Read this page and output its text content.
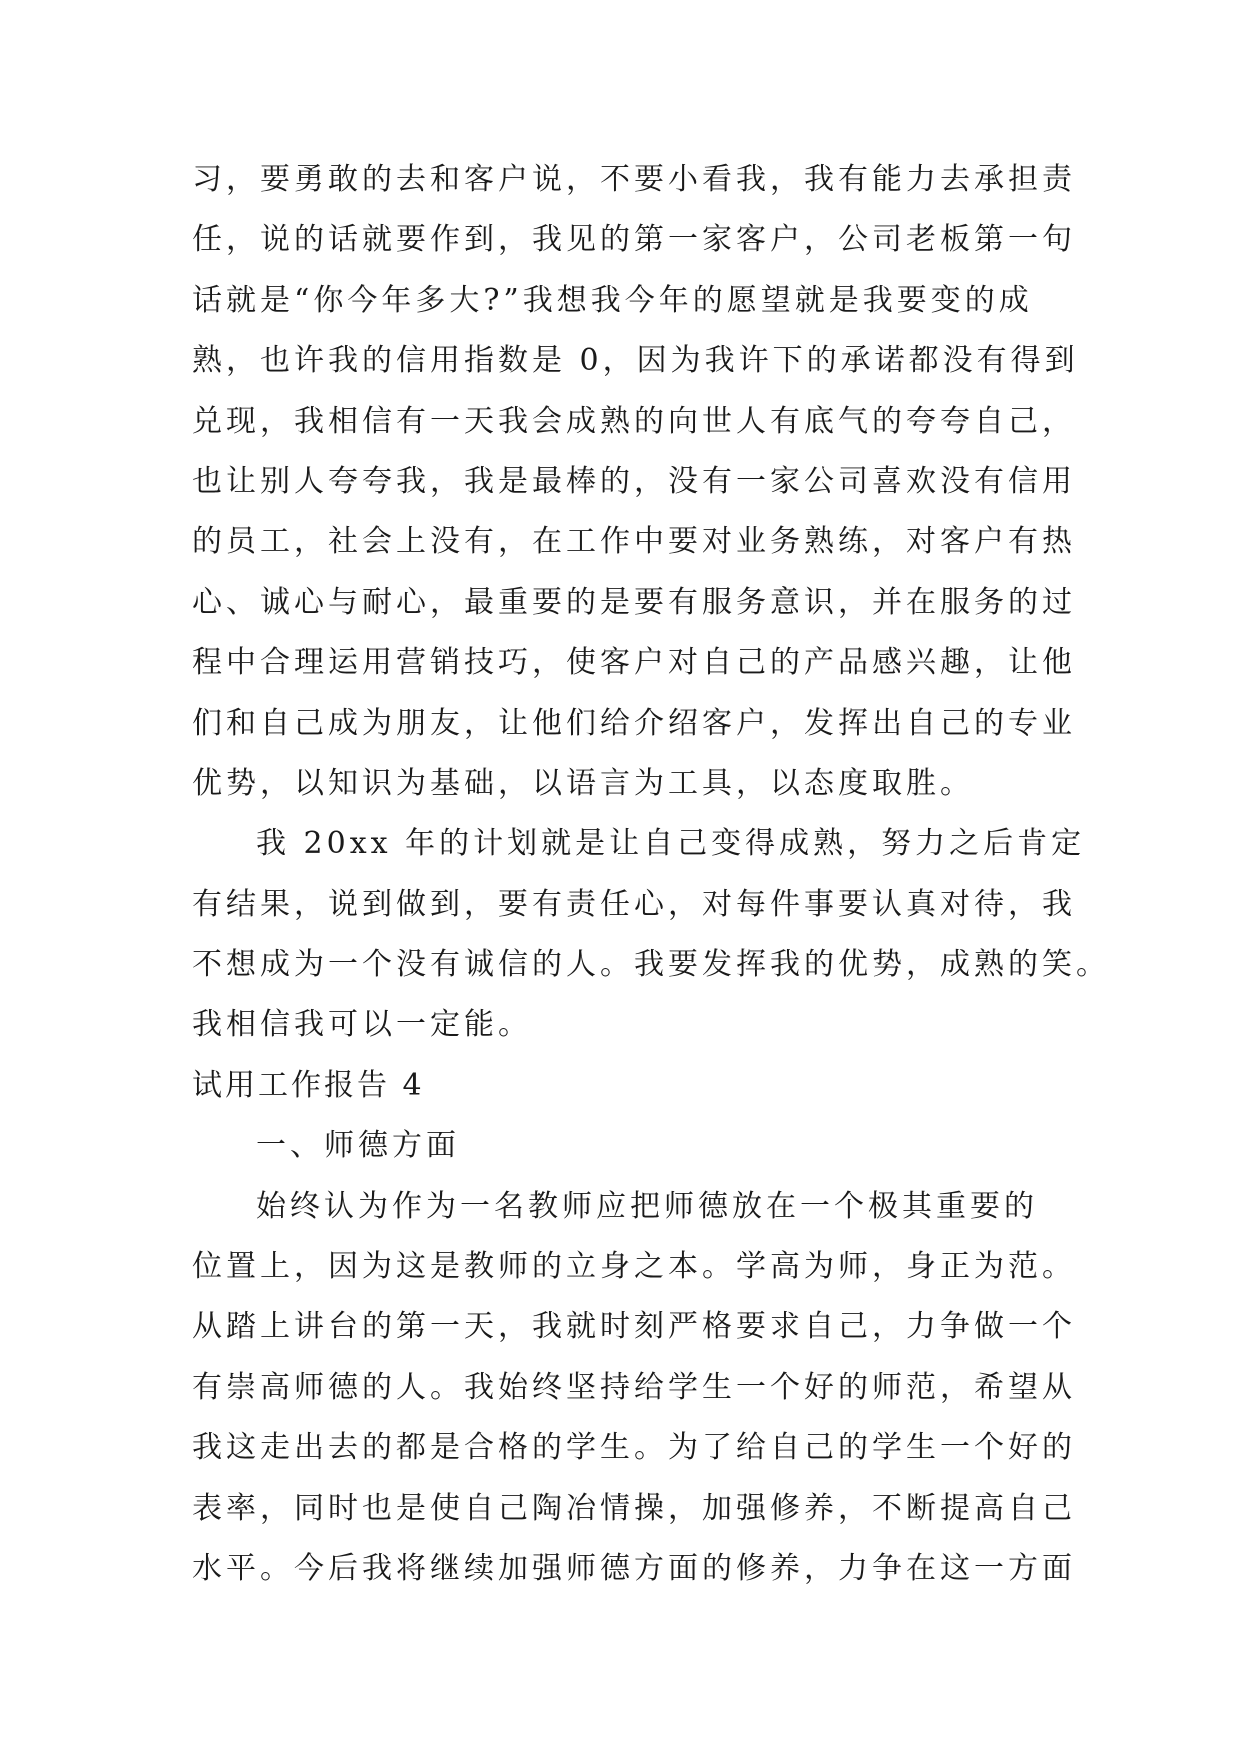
习，要勇敢的去和客户说，不要小看我，我有能力去承担责
任，说的话就要作到，我见的第一家客户，公司老板第一句
话就是“你今年多大?”我想我今年的愿望就是我要变的成
熟，也许我的信用指数是 0，因为我许下的承诺都没有得到
兑现，我相信有一天我会成熟的向世人有底气的夸夸自己，
也让别人夸夸我，我是最棒的，没有一家公司喜欢没有信用
的员工，社会上没有，在工作中要对业务熟练，对客户有热
心、诚心与耐心，最重要的是要有服务意识，并在服务的过
程中合理运用营销技巧，使客户对自己的产品感兴趣，让他
们和自己成为朋友，让他们给介绍客户，发挥出自己的专业
优势，以知识为基础，以语言为工具，以态度取胜。
我 20xx 年的计划就是让自己变得成熟，努力之后肯定
有结果，说到做到，要有责任心，对每件事要认真对待，我
不想成为一个没有诚信的人。我要发挥我的优势，成熟的笑。
我相信我可以一定能。
试用工作报告 4
一、师德方面
始终认为作为一名教师应把师德放在一个极其重要的
位置上，因为这是教师的立身之本。学高为师，身正为范。
从踏上讲台的第一天，我就时刻严格要求自己，力争做一个
有崇高师德的人。我始终坚持给学生一个好的师范，希望从
我这走出去的都是合格的学生。为了给自己的学生一个好的
表率，同时也是使自己陶冶情操，加强修养，不断提高自己
水平。今后我将继续加强师德方面的修养，力争在这一方面
